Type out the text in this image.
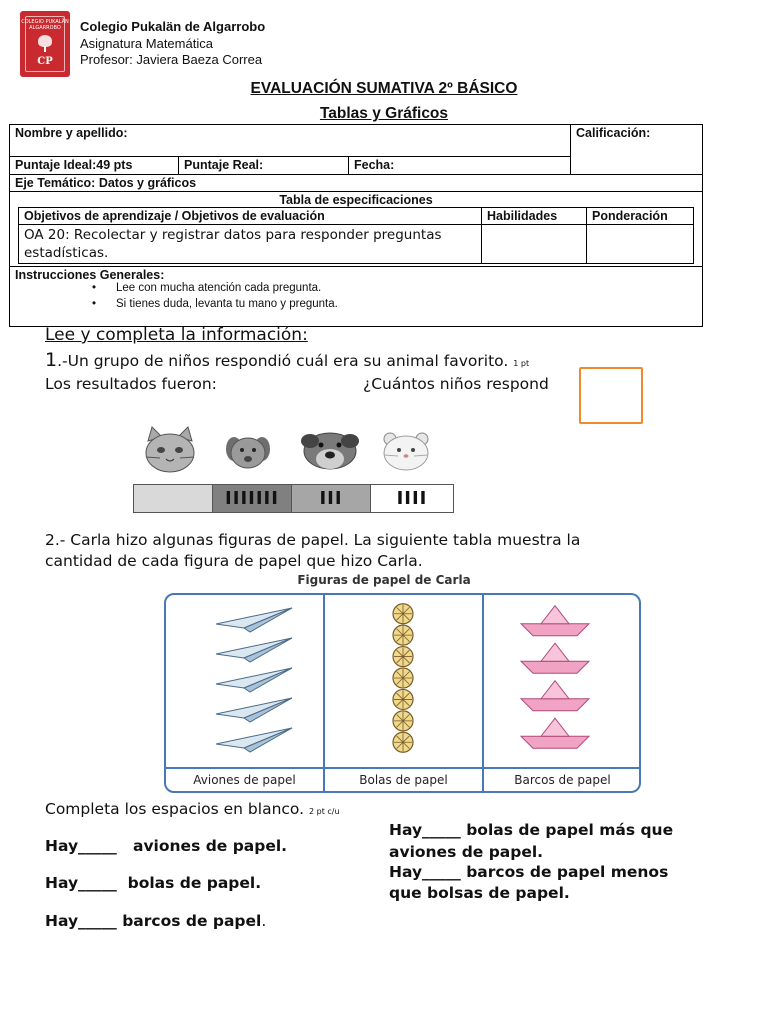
COLEGIO PUKALÄN ALGARROBO
CP
Colegio Pukalän de Algarrobo
Asignatura Matemática
Profesor: Javiera Baeza Correa
EVALUACIÓN SUMATIVA 2º BÁSICO
Tablas y Gráficos
Nombre y apellido:	Calificación:
Puntaje Ideal:49 pts	Puntaje Real:	Fecha:
Eje Temático: Datos y gráficos

Tabla de especificaciones
Objetivos de aprendizaje / Objetivos de evaluación	Habilidades	Ponderación
OA 20: Recolectar y registrar datos para responder preguntas estadísticas.		

Instrucciones Generales:
• Lee con mucha atención cada pregunta.
• Si tienes duda, levanta tu mano y pregunta.
Lee y completa la información:
1.-Un grupo de niños respondió cuál era su animal favorito. 1 pt
Los resultados fueron:	¿Cuántos niños respond
IIIIIII	III	IIII
2.- Carla hizo algunas figuras de papel. La siguiente tabla muestra la
cantidad de cada figura de papel que hizo Carla.
Figuras de papel de Carla
Aviones de papel	Bolas de papel	Barcos de papel
Completa los espacios en blanco. 2 pt c/u
Hay_____   aviones de papel.
Hay_____  bolas de papel.
Hay_____ barcos de papel.
Hay_____ bolas de papel más que
aviones de papel.
Hay_____ barcos de papel menos
que bolsas de papel.
